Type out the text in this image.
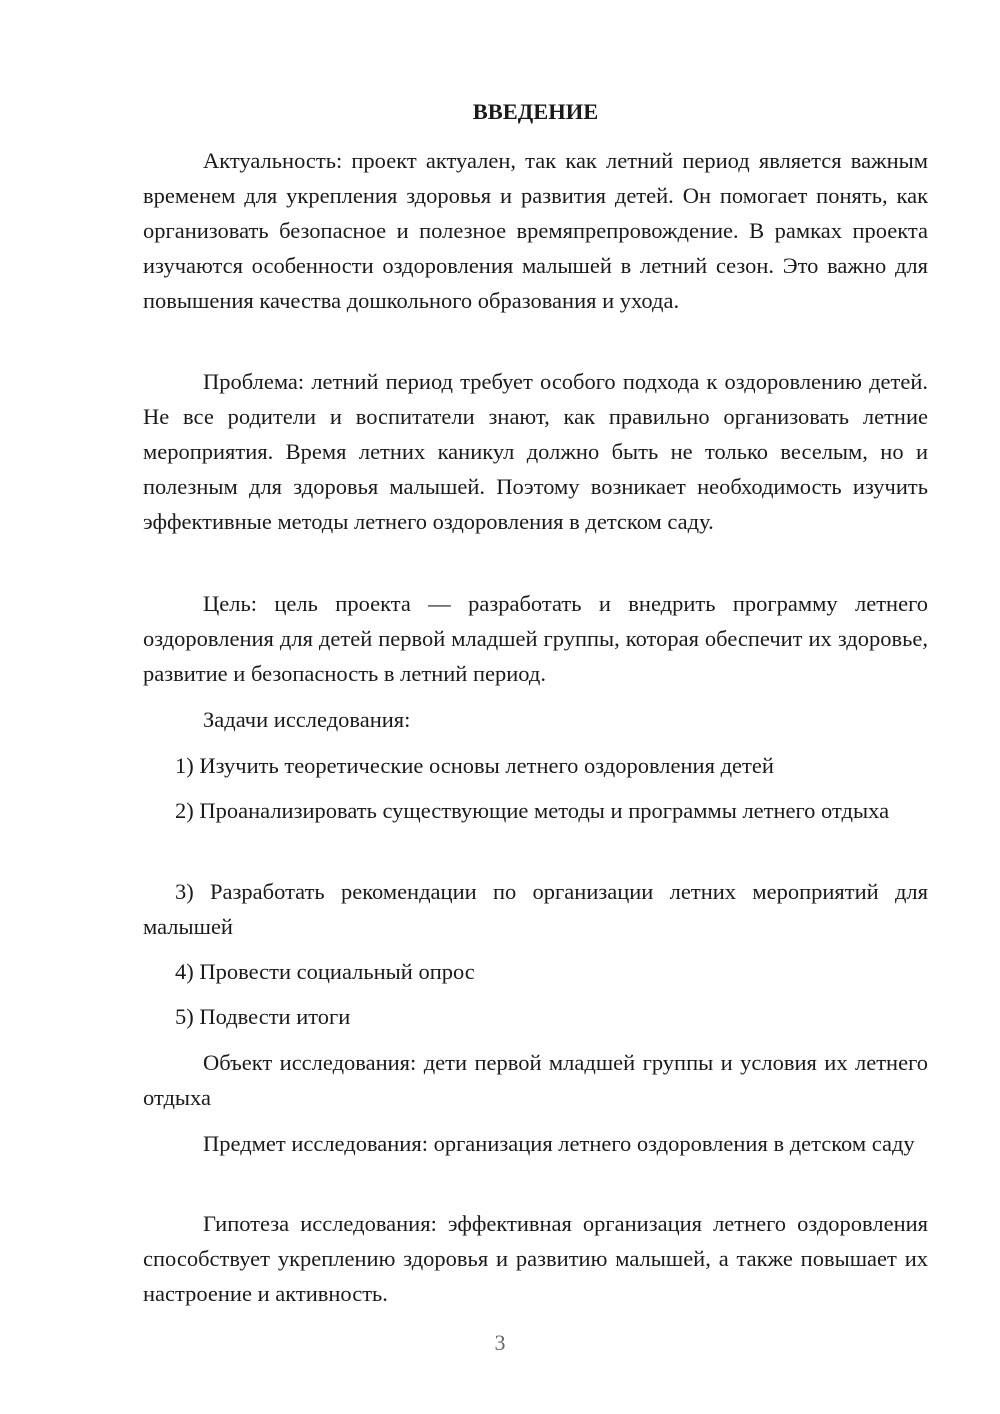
ВВЕДЕНИЕ

Актуальность: проект актуален, так как летний период является важным временем для укрепления здоровья и развития детей. Он помогает понять, как организовать безопасное и полезное времяпрепровождение. В рамках проекта изучаются особенности оздоровления малышей в летний сезон. Это важно для повышения качества дошкольного образования и ухода.

Проблема: летний период требует особого подхода к оздоровлению детей. Не все родители и воспитатели знают, как правильно организовать летние мероприятия. Время летних каникул должно быть не только веселым, но и полезным для здоровья малышей. Поэтому возникает необходимость изучить эффективные методы летнего оздоровления в детском саду.

Цель: цель проекта — разработать и внедрить программу летнего оздоровления для детей первой младшей группы, которая обеспечит их здоровье, развитие и безопасность в летний период.

Задачи исследования:

1) Изучить теоретические основы летнего оздоровления детей

2) Проанализировать существующие методы и программы летнего отдыха

3) Разработать рекомендации по организации летних мероприятий для малышей

4) Провести социальный опрос

5) Подвести итоги

Объект исследования: дети первой младшей группы и условия их летнего отдыха

Предмет исследования: организация летнего оздоровления в детском саду

Гипотеза исследования: эффективная организация летнего оздоровления способствует укреплению здоровья и развитию малышей, а также повышает их настроение и активность.

3
